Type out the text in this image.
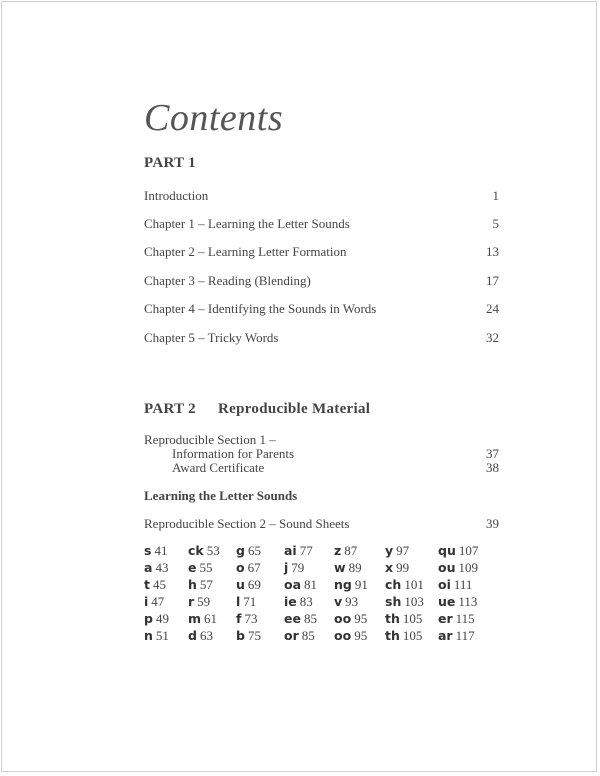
Contents
PART 1
Introduction	1
Chapter 1 – Learning the Letter Sounds	5
Chapter 2 – Learning Letter Formation	13
Chapter 3 – Reading (Blending)	17
Chapter 4 – Identifying the Sounds in Words	24
Chapter 5 – Tricky Words	32
PART 2 Reproducible Material
Reproducible Section 1 –
Information for Parents	37
Award Certificate	38
Learning the Letter Sounds
Reproducible Section 2 – Sound Sheets	39
s 41 ck 53 g 65 ai 77 z 87 y 97 qu 107
a 43 e 55 o 67 j 79 w 89 x 99 ou 109
t 45 h 57 u 69 oa 81 ng 91 ch 101 oi 111
i 47 r 59 l 71 ie 83 v 93 sh 103 ue 113
p 49 m 61 f 73 ee 85 oo 95 th 105 er 115
n 51 d 63 b 75 or 85 oo 95 th 105 ar 117
